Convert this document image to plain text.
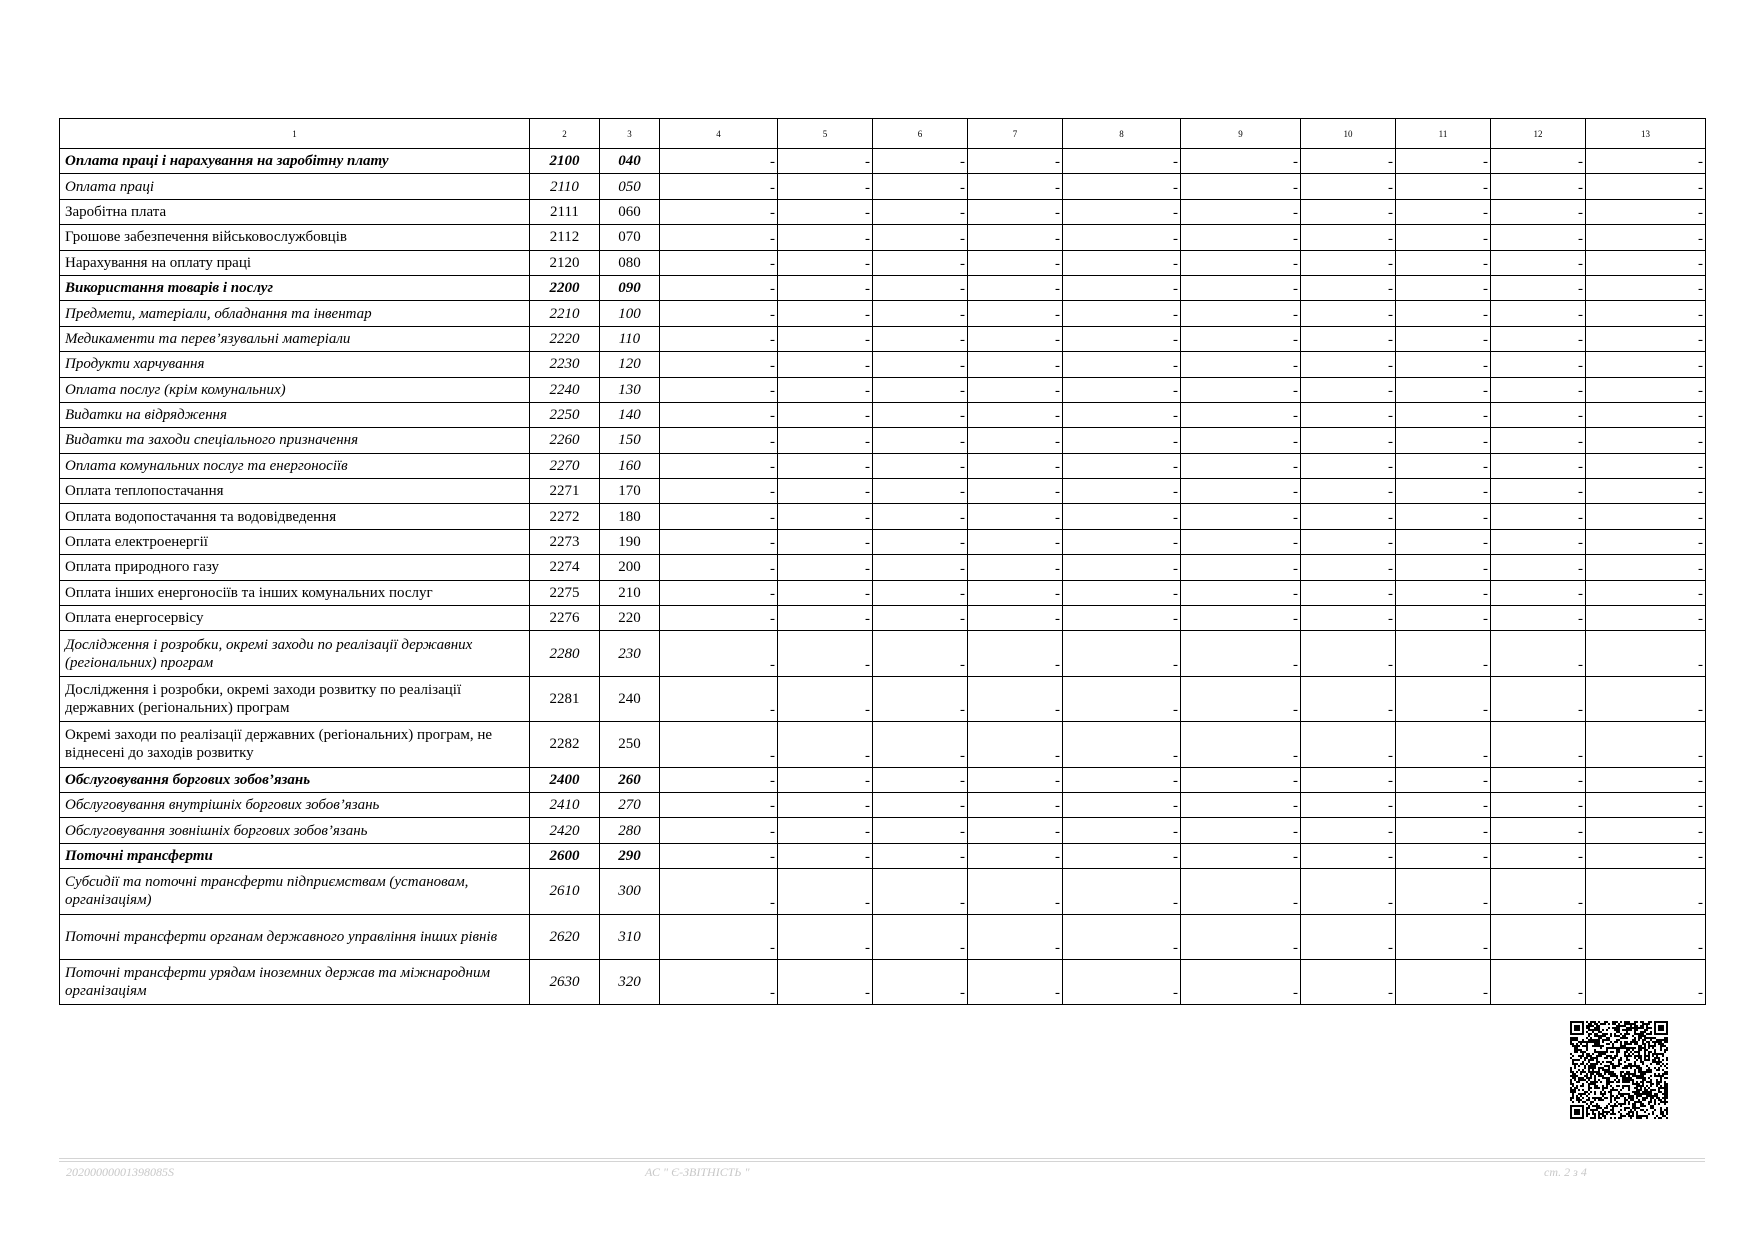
1	2	3	4	5	6	7	8	9	10	11	12	13
Оплата праці і нарахування на заробітну плату	2100	040	-	-	-	-	-	-	-	-	-	-
Оплата праці	2110	050	-	-	-	-	-	-	-	-	-	-
Заробітна плата	2111	060	-	-	-	-	-	-	-	-	-	-
Грошове забезпечення військовослужбовців	2112	070	-	-	-	-	-	-	-	-	-	-
Нарахування на оплату праці	2120	080	-	-	-	-	-	-	-	-	-	-
Використання товарів і послуг	2200	090	-	-	-	-	-	-	-	-	-	-
Предмети, матеріали, обладнання та інвентар	2210	100	-	-	-	-	-	-	-	-	-	-
Медикаменти та перев’язувальні матеріали	2220	110	-	-	-	-	-	-	-	-	-	-
Продукти харчування	2230	120	-	-	-	-	-	-	-	-	-	-
Оплата послуг (крім комунальних)	2240	130	-	-	-	-	-	-	-	-	-	-
Видатки на відрядження	2250	140	-	-	-	-	-	-	-	-	-	-
Видатки та заходи спеціального призначення	2260	150	-	-	-	-	-	-	-	-	-	-
Оплата комунальних послуг та енергоносіїв	2270	160	-	-	-	-	-	-	-	-	-	-
Оплата теплопостачання	2271	170	-	-	-	-	-	-	-	-	-	-
Оплата водопостачання та водовідведення	2272	180	-	-	-	-	-	-	-	-	-	-
Оплата електроенергії	2273	190	-	-	-	-	-	-	-	-	-	-
Оплата природного газу	2274	200	-	-	-	-	-	-	-	-	-	-
Оплата інших енергоносіїв та інших комунальних послуг	2275	210	-	-	-	-	-	-	-	-	-	-
Оплата енергосервісу	2276	220	-	-	-	-	-	-	-	-	-	-
Дослідження і розробки, окремі заходи по реалізації державних (регіональних) програм	2280	230	-	-	-	-	-	-	-	-	-	-
Дослідження і розробки, окремі заходи розвитку по реалізації державних (регіональних) програм	2281	240	-	-	-	-	-	-	-	-	-	-
Окремі заходи по реалізації державних (регіональних) програм, не віднесені до заходів розвитку	2282	250	-	-	-	-	-	-	-	-	-	-
Обслуговування боргових зобов’язань	2400	260	-	-	-	-	-	-	-	-	-	-
Обслуговування внутрішніх боргових зобов’язань	2410	270	-	-	-	-	-	-	-	-	-	-
Обслуговування зовнішніх боргових зобов’язань	2420	280	-	-	-	-	-	-	-	-	-	-
Поточні трансферти	2600	290	-	-	-	-	-	-	-	-	-	-
Субсидії та поточні трансферти підприємствам (установам, організаціям)	2610	300	-	-	-	-	-	-	-	-	-	-
Поточні трансферти органам державного управління інших рівнів	2620	310	-	-	-	-	-	-	-	-	-	-
Поточні трансферти урядам іноземних держав та міжнародним організаціям	2630	320	-	-	-	-	-	-	-	-	-	-
20200000001398085S	АС " Є-ЗВІТНІСТЬ "	ст. 2 з 4
